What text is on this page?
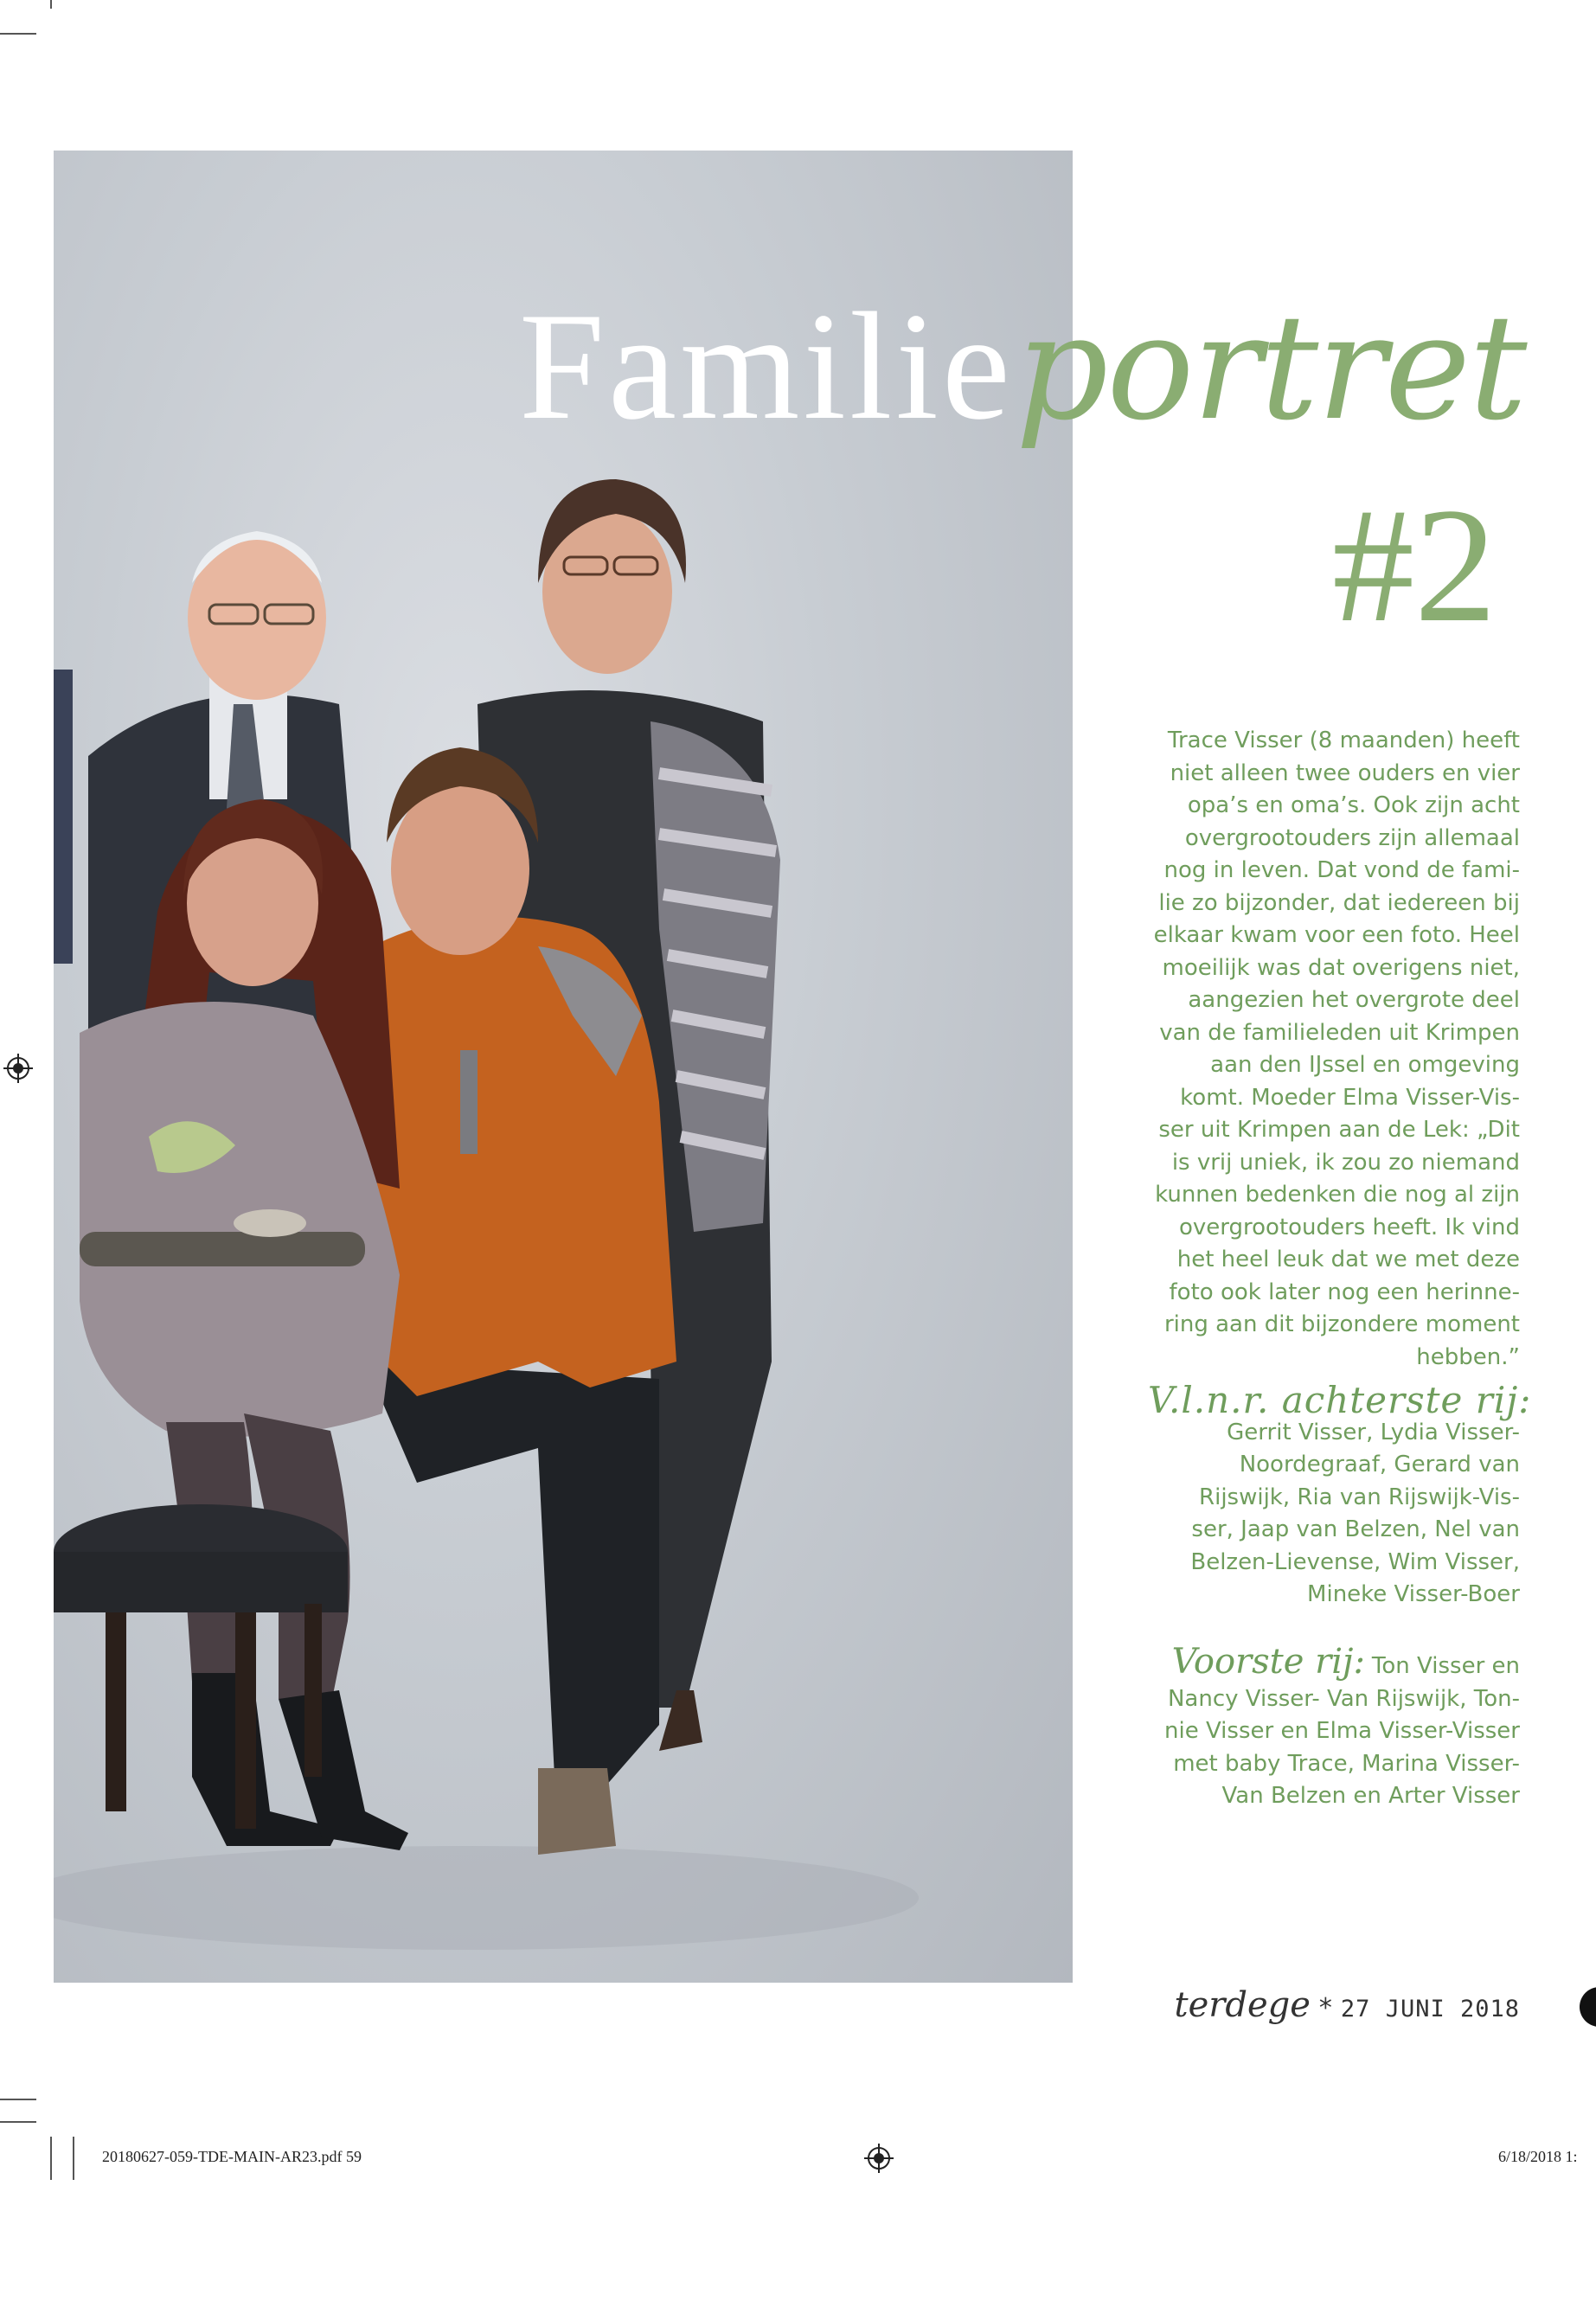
Familieportret
#2
Trace Visser (8 maanden) heeft
niet alleen twee ouders en vier
opa’s en oma’s. Ook zijn acht
overgrootouders zijn allemaal
nog in leven. Dat vond de fami-
lie zo bijzonder, dat iedereen bij
elkaar kwam voor een foto. Heel
moeilijk was dat overigens niet,
aangezien het overgrote deel
van de familieleden uit Krimpen
aan den IJssel en omgeving
komt. Moeder Elma Visser-Vis-
ser uit Krimpen aan de Lek: „Dit
is vrij uniek, ik zou zo niemand
kunnen bedenken die nog al zijn
overgrootouders heeft. Ik vind
het heel leuk dat we met deze
foto ook later nog een herinne-
ring aan dit bijzondere moment
hebben.”
V.l.n.r. achterste rij:
Gerrit Visser, Lydia Visser-
Noordegraaf, Gerard van
Rijswijk, Ria van Rijswijk-Vis-
ser, Jaap van Belzen, Nel van
Belzen-Lievense, Wim Visser,
Mineke Visser-Boer
Voorste rij: Ton Visser en
Nancy Visser- Van Rijswijk, Ton-
nie Visser en Elma Visser-Visser
met baby Trace, Marina Visser-
Van Belzen en Arter Visser
terdege * 27 JUNI 2018
20180627-059-TDE-MAIN-AR23.pdf 59	6/18/2018 1:
